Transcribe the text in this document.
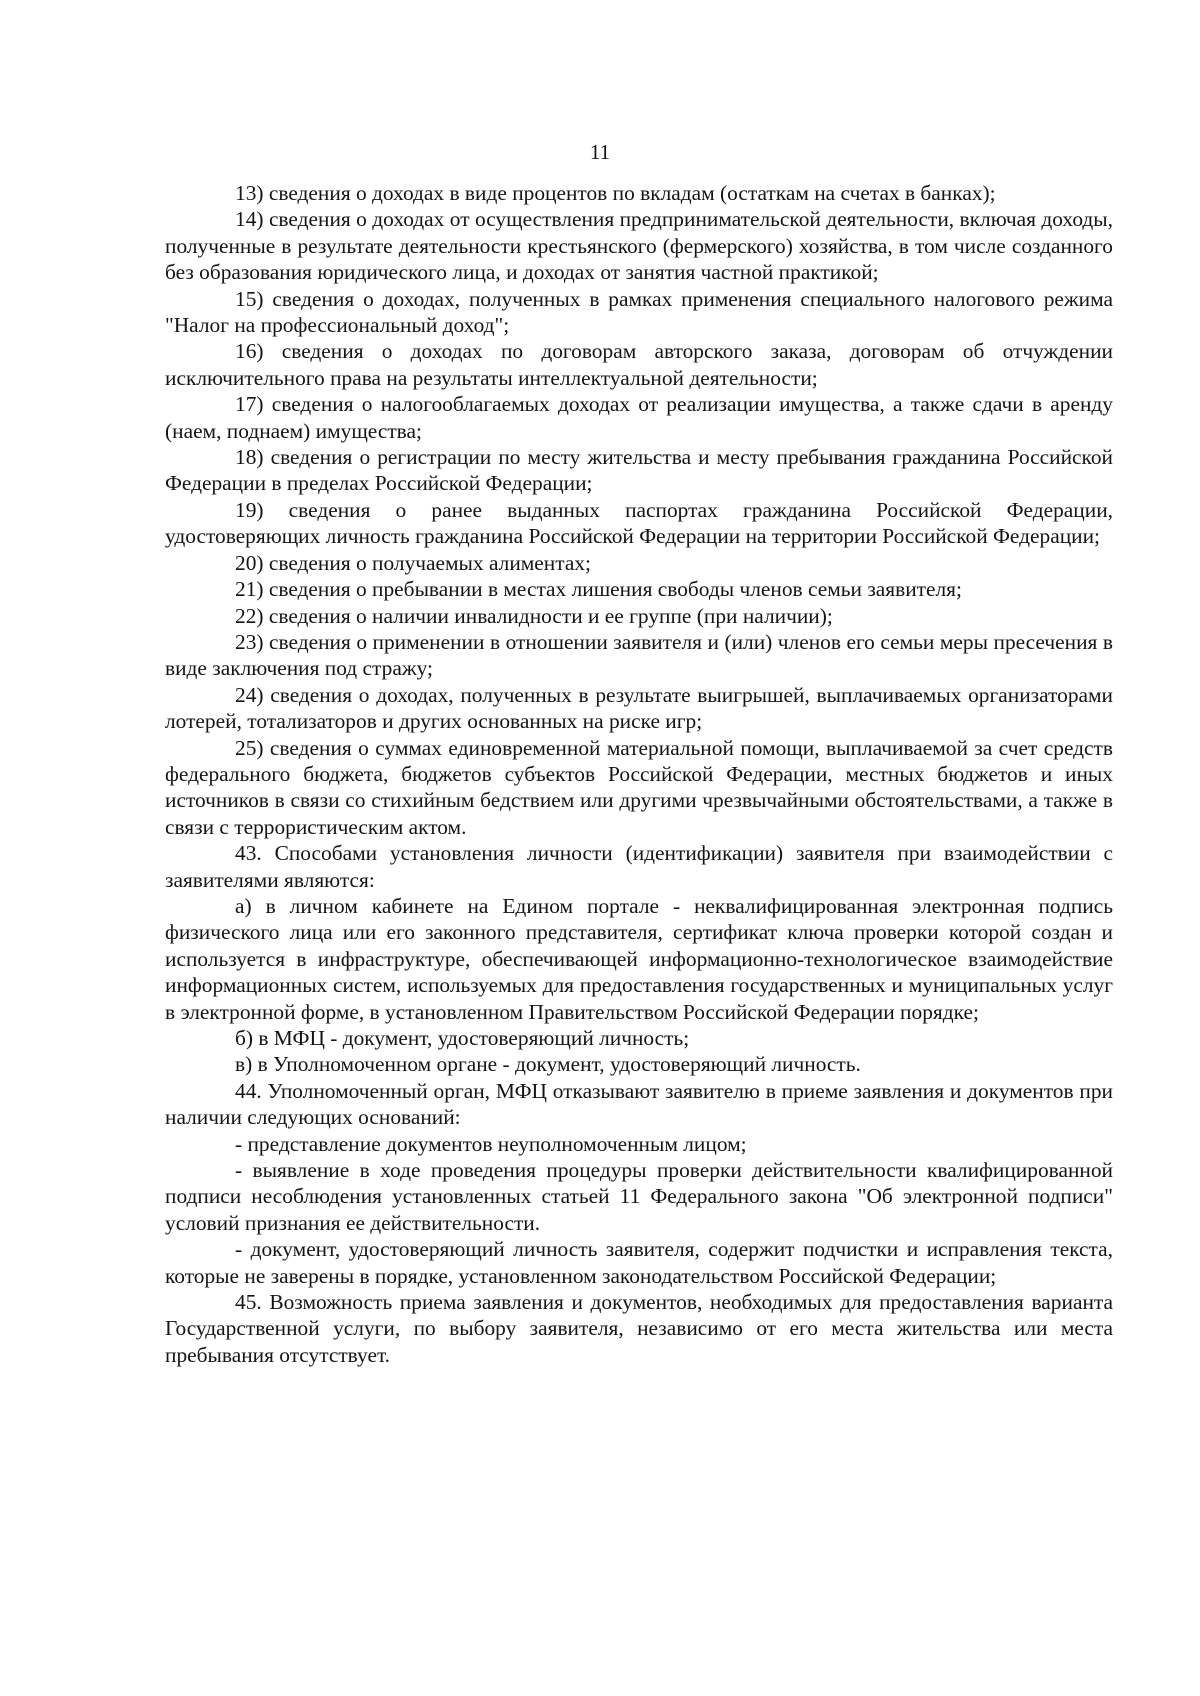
11

13) сведения о доходах в виде процентов по вкладам (остаткам на счетах в банках);

14) сведения о доходах от осуществления предпринимательской деятельности, включая доходы, полученные в результате деятельности крестьянского (фермерского) хозяйства, в том числе созданного без образования юридического лица, и доходах от занятия частной практикой;

15) сведения о доходах, полученных в рамках применения специального налогового режима "Налог на профессиональный доход";

16) сведения о доходах по договорам авторского заказа, договорам об отчуждении исключительного права на результаты интеллектуальной деятельности;

17) сведения о налогооблагаемых доходах от реализации имущества, а также сдачи в аренду (наем, поднаем) имущества;

18) сведения о регистрации по месту жительства и месту пребывания гражданина Российской Федерации в пределах Российской Федерации;

19) сведения о ранее выданных паспортах гражданина Российской Федерации, удостоверяющих личность гражданина Российской Федерации на территории Российской Федерации;

20) сведения о получаемых алиментах;

21) сведения о пребывании в местах лишения свободы членов семьи заявителя;

22) сведения о наличии инвалидности и ее группе (при наличии);

23) сведения о применении в отношении заявителя и (или) членов его семьи меры пресечения в виде заключения под стражу;

24) сведения о доходах, полученных в результате выигрышей, выплачиваемых организаторами лотерей, тотализаторов и других основанных на риске игр;

25) сведения о суммах единовременной материальной помощи, выплачиваемой за счет средств федерального бюджета, бюджетов субъектов Российской Федерации, местных бюджетов и иных источников в связи со стихийным бедствием или другими чрезвычайными обстоятельствами, а также в связи с террористическим актом.

43. Способами установления личности (идентификации) заявителя при взаимодействии с заявителями являются:

а) в личном кабинете на Едином портале - неквалифицированная электронная подпись физического лица или его законного представителя, сертификат ключа проверки которой создан и используется в инфраструктуре, обеспечивающей информационно-технологическое взаимодействие информационных систем, используемых для предоставления государственных и муниципальных услуг в электронной форме, в установленном Правительством Российской Федерации порядке;

б) в МФЦ - документ, удостоверяющий личность;

в) в Уполномоченном органе - документ, удостоверяющий личность.

44. Уполномоченный орган, МФЦ отказывают заявителю в приеме заявления и документов при наличии следующих оснований:

- представление документов неуполномоченным лицом;

- выявление в ходе проведения процедуры проверки действительности квалифицированной подписи несоблюдения установленных статьей 11 Федерального закона "Об электронной подписи" условий признания ее действительности.

- документ, удостоверяющий личность заявителя, содержит подчистки и исправления текста, которые не заверены в порядке, установленном законодательством Российской Федерации;

45. Возможность приема заявления и документов, необходимых для предоставления варианта Государственной услуги, по выбору заявителя, независимо от его места жительства или места пребывания отсутствует.
